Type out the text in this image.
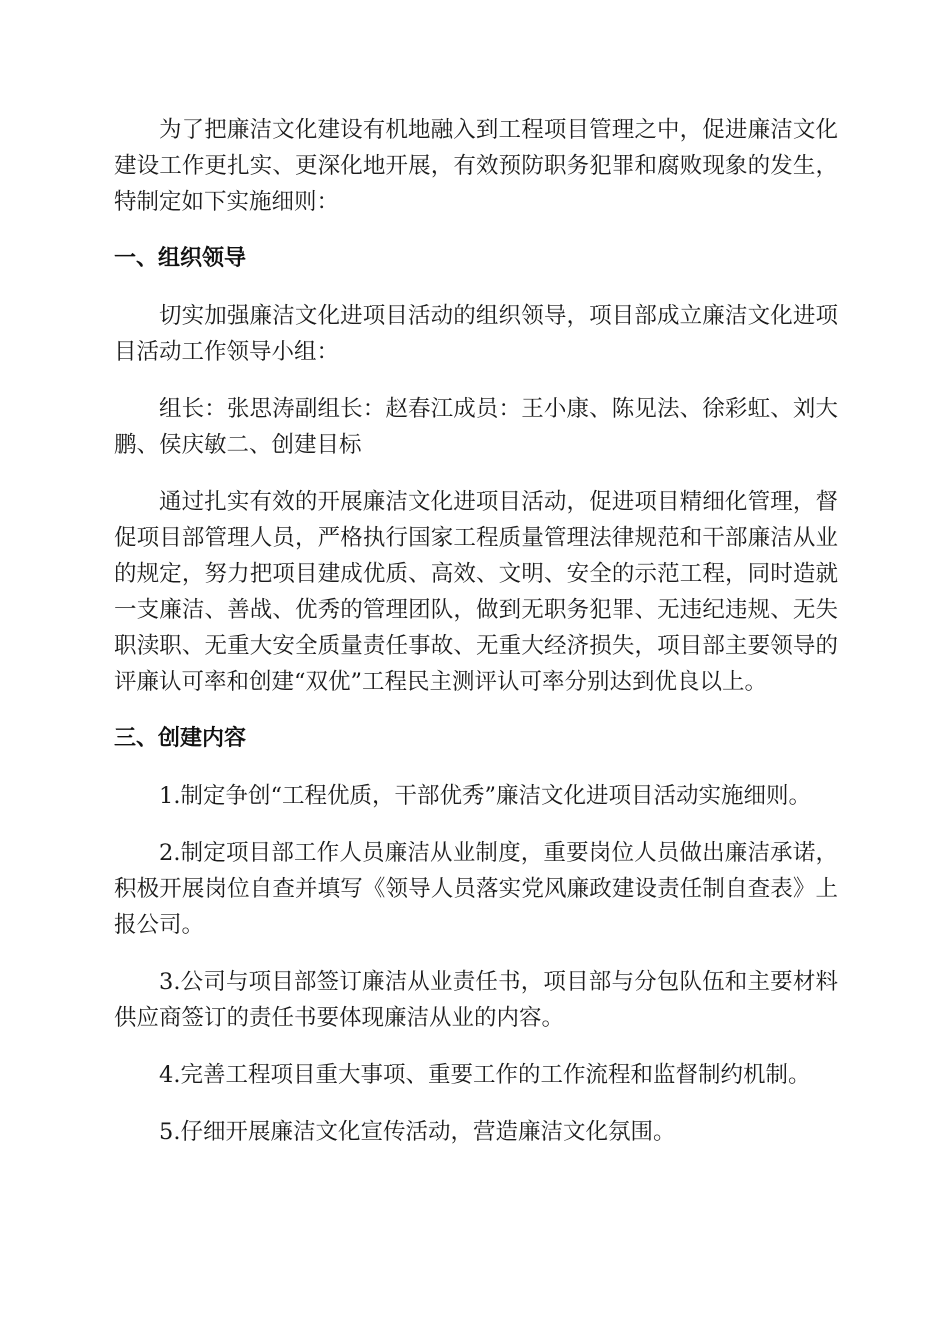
为了把廉洁文化建设有机地融入到工程项目管理之中，促进廉洁文化建设工作更扎实、更深化地开展，有效预防职务犯罪和腐败现象的发生，特制定如下实施细则：

一、组织领导

切实加强廉洁文化进项目活动的组织领导，项目部成立廉洁文化进项目活动工作领导小组：

组长：张思涛副组长：赵春江成员：王小康、陈见法、徐彩虹、刘大鹏、侯庆敏二、创建目标

通过扎实有效的开展廉洁文化进项目活动，促进项目精细化管理，督促项目部管理人员，严格执行国家工程质量管理法律规范和干部廉洁从业的规定，努力把项目建成优质、高效、文明、安全的示范工程，同时造就一支廉洁、善战、优秀的管理团队，做到无职务犯罪、无违纪违规、无失职渎职、无重大安全质量责任事故、无重大经济损失，项目部主要领导的评廉认可率和创建“双优”工程民主测评认可率分别达到优良以上。

三、创建内容

1.制定争创“工程优质，干部优秀”廉洁文化进项目活动实施细则。

2.制定项目部工作人员廉洁从业制度，重要岗位人员做出廉洁承诺，积极开展岗位自查并填写《领导人员落实党风廉政建设责任制自查表》上报公司。

3.公司与项目部签订廉洁从业责任书，项目部与分包队伍和主要材料供应商签订的责任书要体现廉洁从业的内容。

4.完善工程项目重大事项、重要工作的工作流程和监督制约机制。

5.仔细开展廉洁文化宣传活动，营造廉洁文化氛围。
